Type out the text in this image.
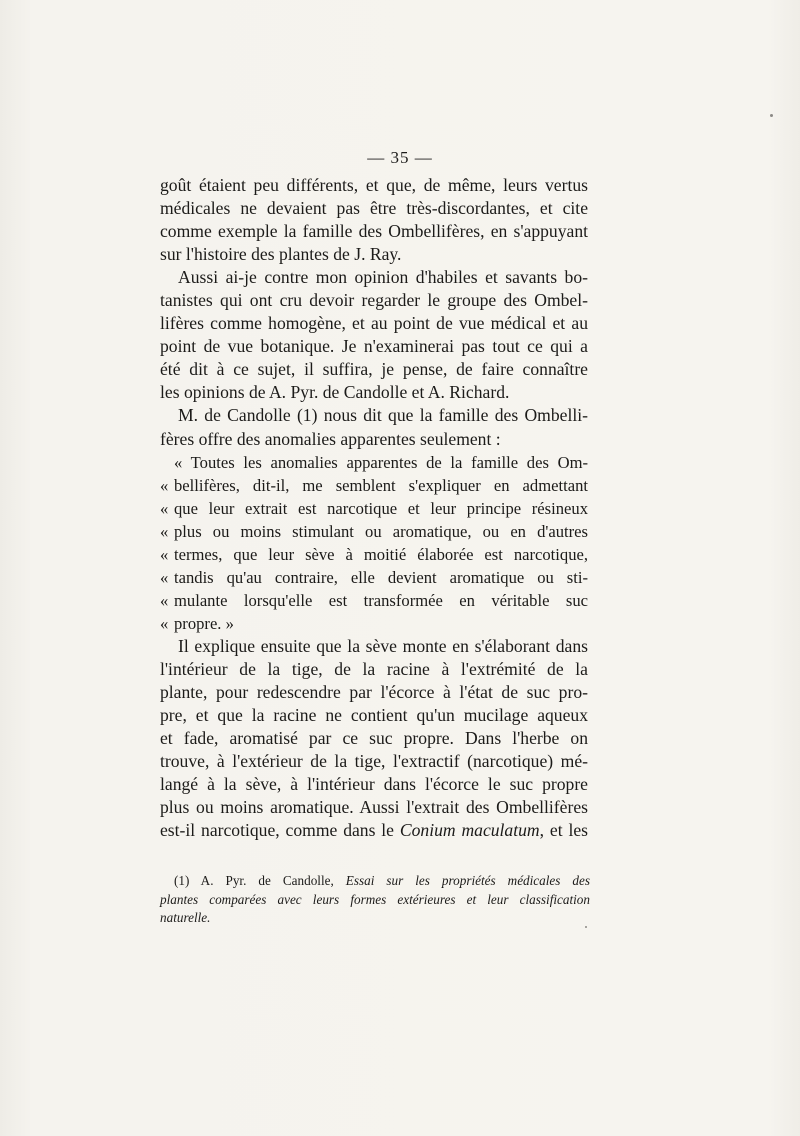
— 35 —
goût étaient peu différents, et que, de même, leurs vertus
médicales ne devaient pas être très-discordantes, et cite
comme exemple la famille des Ombellifères, en s'appuyant
sur l'histoire des plantes de J. Ray.
Aussi ai-je contre mon opinion d'habiles et savants bo-
tanistes qui ont cru devoir regarder le groupe des Ombel-
lifères comme homogène, et au point de vue médical et au
point de vue botanique. Je n'examinerai pas tout ce qui a
été dit à ce sujet, il suffira, je pense, de faire connaître
les opinions de A. Pyr. de Candolle et A. Richard.
M. de Candolle (1) nous dit que la famille des Ombelli-
fères offre des anomalies apparentes seulement :
« Toutes les anomalies apparentes de la famille des Om-
« bellifères, dit-il, me semblent s'expliquer en admettant
« que leur extrait est narcotique et leur principe résineux
« plus ou moins stimulant ou aromatique, ou en d'autres
« termes, que leur sève à moitié élaborée est narcotique,
« tandis qu'au contraire, elle devient aromatique ou sti-
« mulante lorsqu'elle est transformée en véritable suc
« propre. »
Il explique ensuite que la sève monte en s'élaborant dans
l'intérieur de la tige, de la racine à l'extrémité de la
plante, pour redescendre par l'écorce à l'état de suc pro-
pre, et que la racine ne contient qu'un mucilage aqueux
et fade, aromatisé par ce suc propre. Dans l'herbe on
trouve, à l'extérieur de la tige, l'extractif (narcotique) mé-
langé à la sève, à l'intérieur dans l'écorce le suc propre
plus ou moins aromatique. Aussi l'extrait des Ombellifères
est-il narcotique, comme dans le Conium maculatum, et les
(1) A. Pyr. de Candolle, Essai sur les propriétés médicales des
plantes comparées avec leurs formes extérieures et leur classification
naturelle.
